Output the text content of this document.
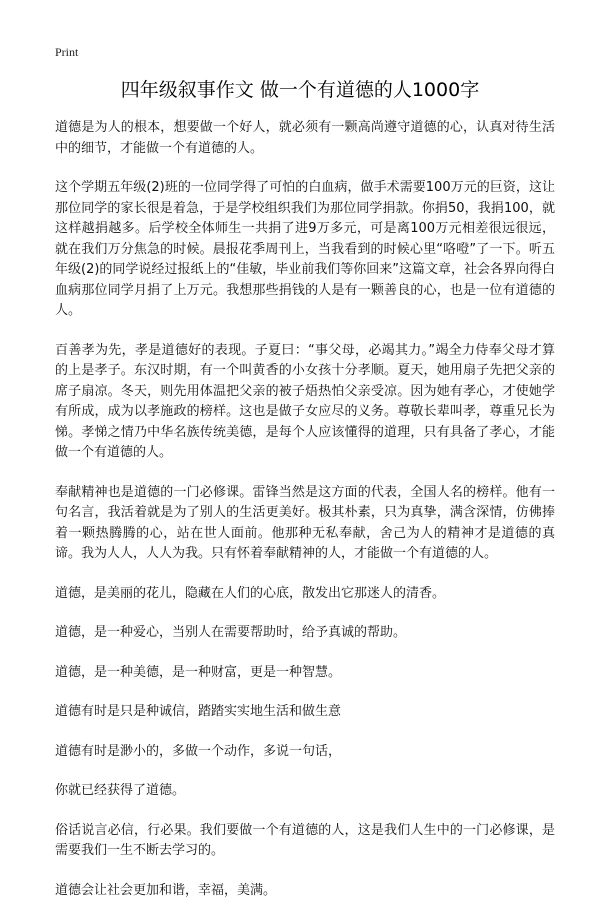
Print
四年级叙事作文 做一个有道德的人1000字

道德是为人的根本，想要做一个好人，就必须有一颗高尚遵守道德的心，认真对待生活中的细节，才能做一个有道德的人。

这个学期五年级(2)班的一位同学得了可怕的白血病，做手术需要100万元的巨资，这让那位同学的家长很是着急，于是学校组织我们为那位同学捐款。你捐50，我捐100，就这样越捐越多。后学校全体师生一共捐了进9万多元，可是离100万元相差很远很远，就在我们万分焦急的时候。晨报花季周刊上，当我看到的时候心里“咯噔”了一下。听五年级(2)的同学说经过报纸上的“佳敏，毕业前我们等你回来”这篇文章，社会各界向得白血病那位同学月捐了上万元。我想那些捐钱的人是有一颗善良的心，也是一位有道德的人。

百善孝为先，孝是道德好的表现。子夏曰：“事父母，必竭其力。”竭全力侍奉父母才算的上是孝子。东汉时期，有一个叫黄香的小女孩十分孝顺。夏天，她用扇子先把父亲的席子扇凉。冬天，则先用体温把父亲的被子焐热怕父亲受凉。因为她有孝心，才使她学有所成，成为以孝施政的榜样。这也是做子女应尽的义务。尊敬长辈叫孝，尊重兄长为悌。孝悌之情乃中华名族传统美德，是每个人应该懂得的道理，只有具备了孝心，才能做一个有道德的人。

奉献精神也是道德的一门必修课。雷锋当然是这方面的代表，全国人名的榜样。他有一句名言，我活着就是为了别人的生活更美好。极其朴素，只为真挚，满含深情，仿佛捧着一颗热腾腾的心，站在世人面前。他那种无私奉献，舍己为人的精神才是道德的真谛。我为人人，人人为我。只有怀着奉献精神的人，才能做一个有道德的人。

道德，是美丽的花儿，隐藏在人们的心底，散发出它那迷人的清香。

道德，是一种爱心，当别人在需要帮助时，给予真诚的帮助。

道德，是一种美德，是一种财富，更是一种智慧。

道德有时是只是种诚信，踏踏实实地生活和做生意

道德有时是渺小的，多做一个动作，多说一句话，

你就已经获得了道德。

俗话说言必信，行必果。我们要做一个有道德的人，这是我们人生中的一门必修课，是需要我们一生不断去学习的。

道德会让社会更加和谐，幸福，美满。
